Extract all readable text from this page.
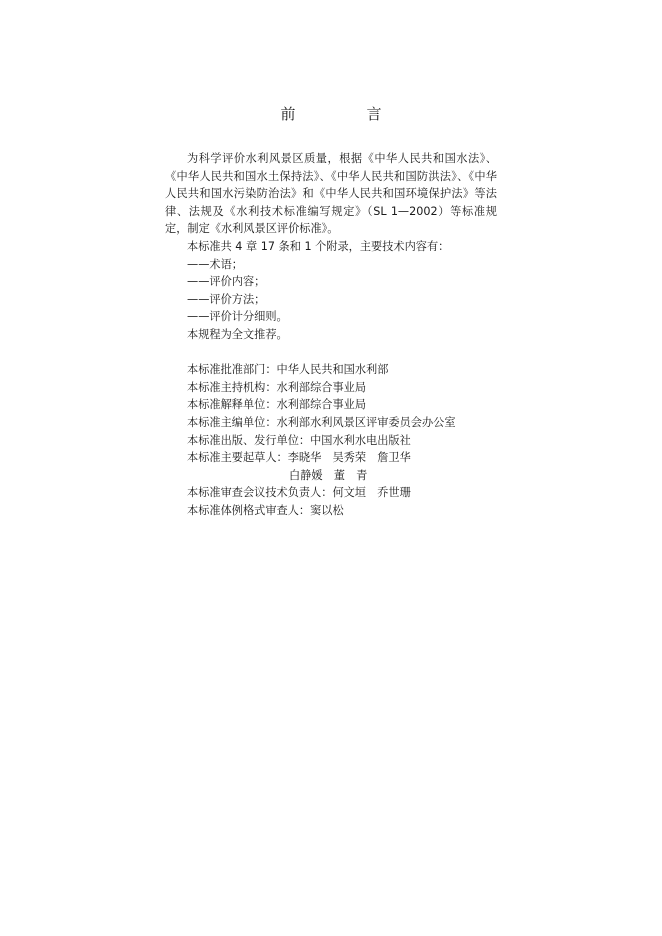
前　言

为科学评价水利风景区质量，根据《中华人民共和国水法》、《中华人民共和国水土保持法》、《中华人民共和国防洪法》、《中华人民共和国水污染防治法》和《中华人民共和国环境保护法》等法律、法规及《水利技术标准编写规定》（SL 1—2002）等标准规定，制定《水利风景区评价标准》。

本标准共 4 章 17 条和 1 个附录，主要技术内容有：

——术语；

——评价内容；

——评价方法；

——评价计分细则。

本规程为全文推荐。

本标准批准部门：中华人民共和国水利部

本标准主持机构：水利部综合事业局

本标准解释单位：水利部综合事业局

本标准主编单位：水利部水利风景区评审委员会办公室

本标准出版、发行单位：中国水利水电出版社

本标准主要起草人：李晓华　吴秀荣　詹卫华

白静媛　董　青

本标准审查会议技术负责人：何文垣　乔世珊

本标准体例格式审查人：窦以松
